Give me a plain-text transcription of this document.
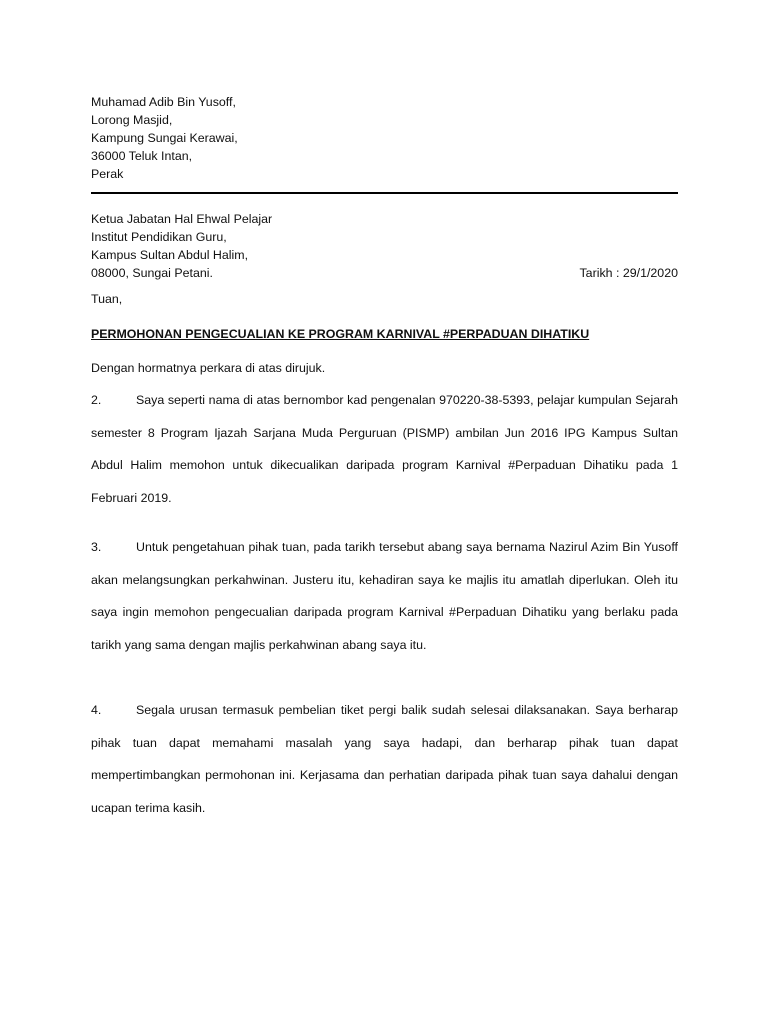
Muhamad Adib Bin Yusoff,
Lorong Masjid,
Kampung Sungai Kerawai,
36000 Teluk Intan,
Perak
Ketua Jabatan Hal Ehwal Pelajar
Institut Pendidikan Guru,
Kampus Sultan Abdul Halim,
08000, Sungai Petani.	Tarikh : 29/1/2020
Tuan,
PERMOHONAN PENGECUALIAN KE PROGRAM KARNIVAL #PERPADUAN DIHATIKU
Dengan hormatnya perkara di atas dirujuk.
2.	Saya seperti nama di atas bernombor kad pengenalan 970220-38-5393, pelajar kumpulan Sejarah semester 8 Program Ijazah Sarjana Muda Perguruan (PISMP) ambilan Jun 2016 IPG Kampus Sultan Abdul Halim memohon untuk dikecualikan daripada program Karnival #Perpaduan Dihatiku pada 1 Februari 2019.
3.	Untuk pengetahuan pihak tuan, pada tarikh tersebut abang saya bernama Nazirul Azim Bin Yusoff akan melangsungkan perkahwinan. Justeru itu, kehadiran saya ke majlis itu amatlah diperlukan. Oleh itu saya ingin memohon pengecualian daripada program Karnival #Perpaduan Dihatiku yang berlaku pada tarikh yang sama dengan majlis perkahwinan abang saya itu.
4.	Segala urusan termasuk pembelian tiket pergi balik sudah selesai dilaksanakan. Saya berharap pihak tuan dapat memahami masalah yang saya hadapi, dan berharap pihak tuan dapat mempertimbangkan permohonan ini. Kerjasama dan perhatian daripada pihak tuan saya dahalui dengan ucapan terima kasih.
